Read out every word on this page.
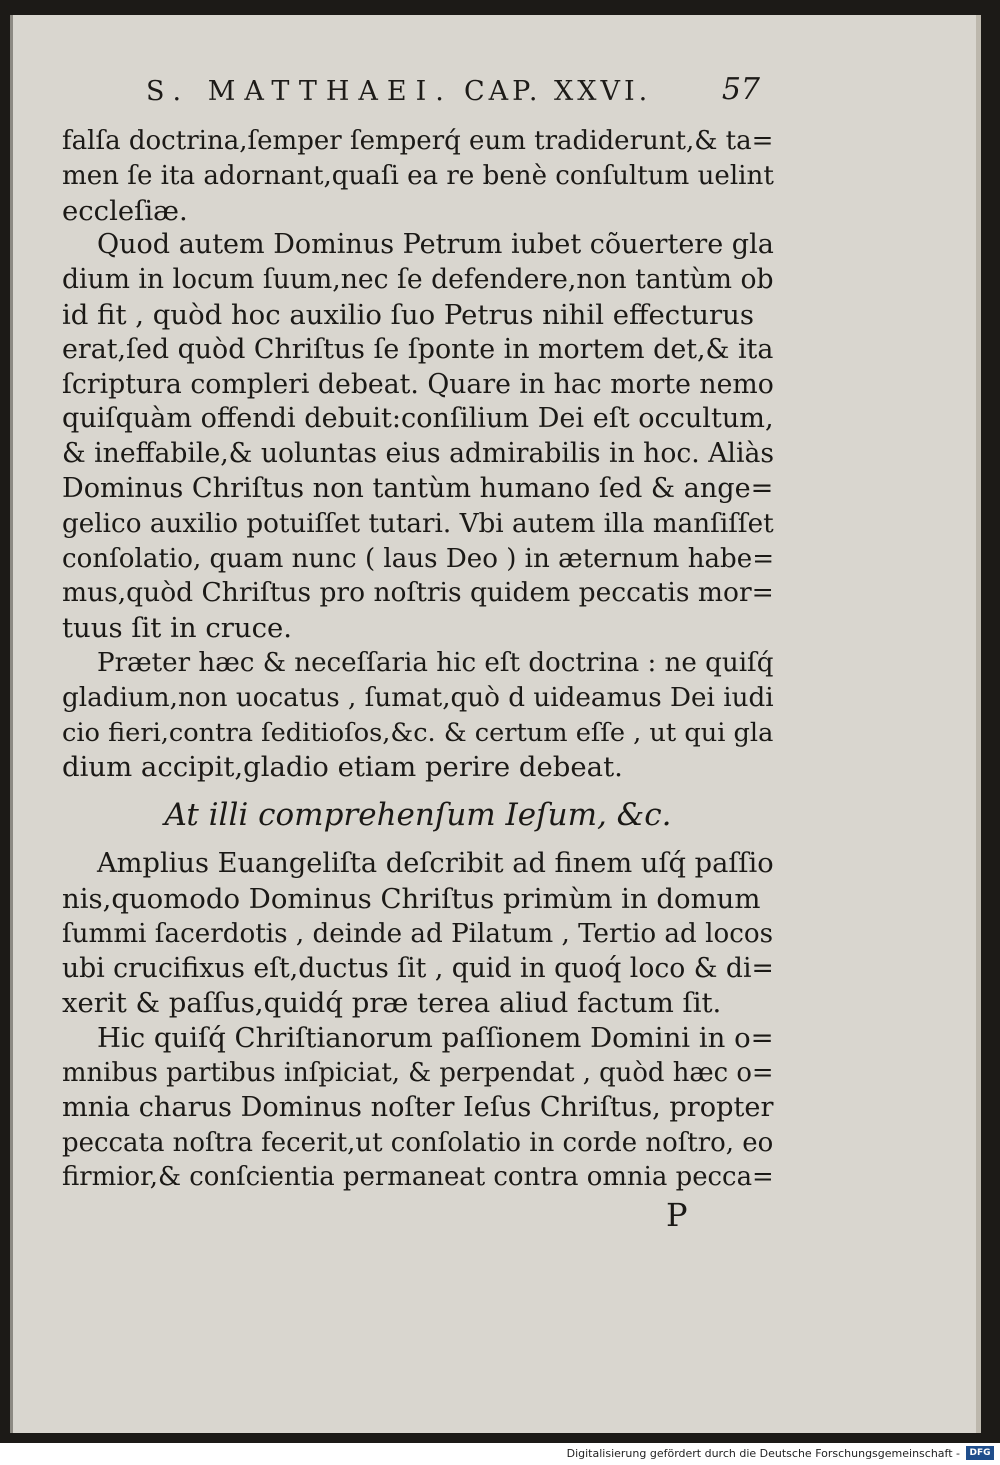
S. MATTHAEI. CAP. XXVI. 57
falſa doctrina,ſemper ſemperq́ eum tradiderunt,& ta=
men ſe ita adornant,quaſi ea re benè conſultum uelint
eccleſiæ.
Quod autem Dominus Petrum iubet cõuertere gla
dium in locum ſuum,nec ſe defendere,non tantùm ob
id fit , quòd hoc auxilio ſuo Petrus nihil effecturus
erat,ſed quòd Chriſtus ſe ſponte in mortem det,& ita
ſcriptura compleri debeat. Quare in hac morte nemo
quiſquàm offendi debuit:conſilium Dei eſt occultum,
& ineffabile,& uoluntas eius admirabilis in hoc. Aliàs
Dominus Chriſtus non tantùm humano ſed & ange=
gelico auxilio potuiſſet tutari. Vbi autem illa manſiſſet
conſolatio, quam nunc ( laus Deo ) in æternum habe=
mus,quòd Chriſtus pro noſtris quidem peccatis mor=
tuus ſit in cruce.
Præter hæc & neceſſaria hic eſt doctrina : ne quiſq́
gladium,non uocatus , ſumat,quò d uideamus Dei iudi
cio fieri,contra ſeditioſos,&c. & certum eſſe , ut qui gla
dium accipit,gladio etiam perire debeat.
At illi comprehenſum Ieſum, &c.
Amplius Euangeliſta deſcribit ad finem uſq́ paſſio
nis,quomodo Dominus Chriſtus primùm in domum
ſummi ſacerdotis , deinde ad Pilatum , Tertio ad locos
ubi crucifixus eſt,ductus ſit , quid in quoq́ loco & di=
xerit & paſſus,quidq́ præ terea aliud factum ſit.
Hic quiſq́ Chriſtianorum paſſionem Domini in o=
mnibus partibus inſpiciat, & perpendat , quòd hæc o=
mnia charus Dominus noſter Ieſus Chriſtus, propter
peccata noſtra fecerit,ut conſolatio in corde noſtro, eo
firmior,& conſcientia permaneat contra omnia pecca=
P
Digitalisierung gefördert durch die Deutsche Forschungsgemeinschaft -	DFG
